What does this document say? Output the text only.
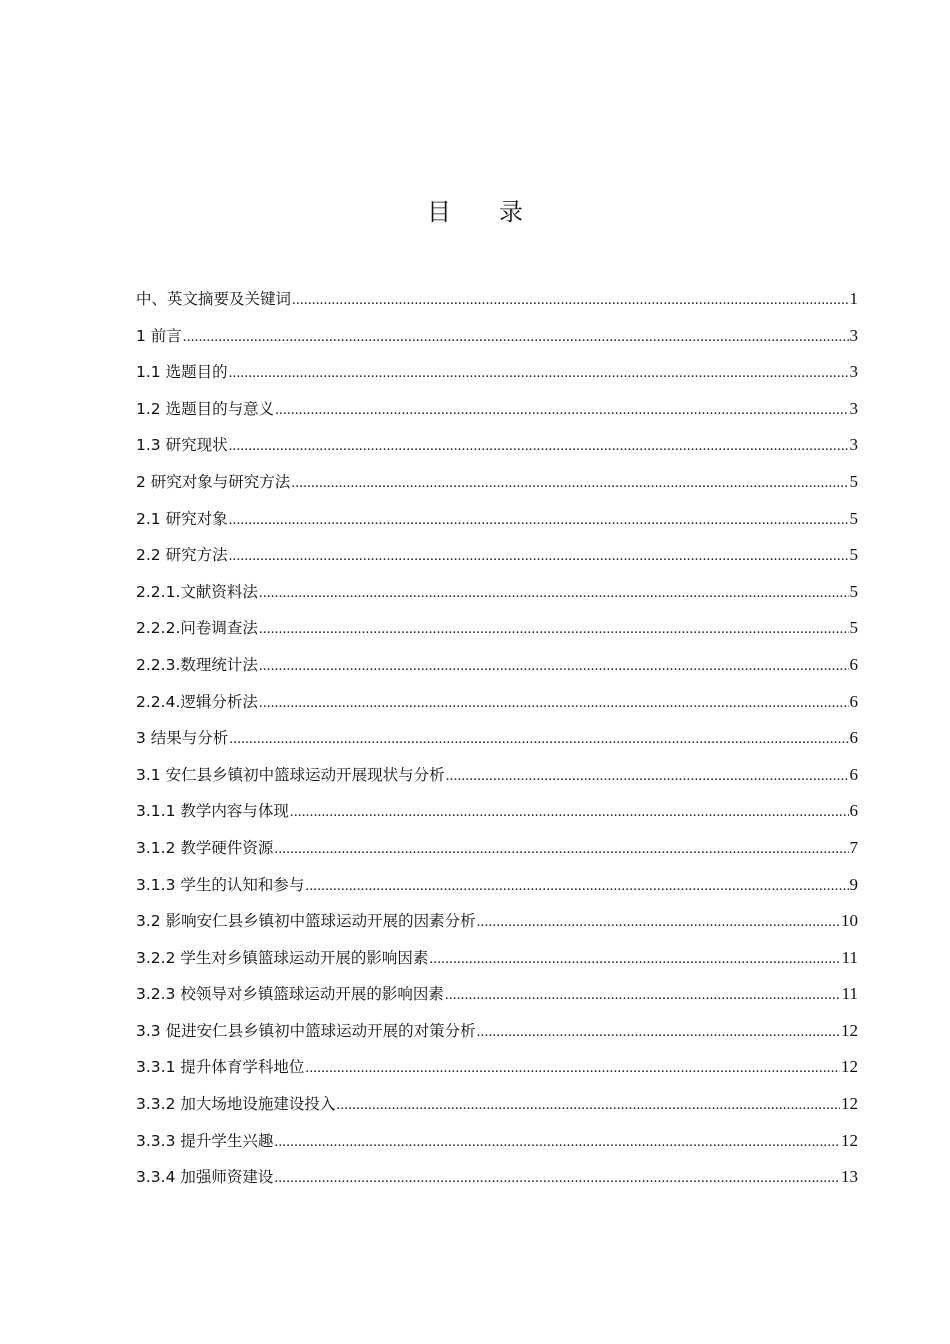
目 录
中、英文摘要及关键词 .....	1
1 前言 .....	3
1.1 选题目的 .....	3
1.2 选题目的与意义 .....	3
1.3 研究现状 .....	3
2 研究对象与研究方法 .....	5
2.1 研究对象 .....	5
2.2 研究方法 .....	5
2.2.1.文献资料法 .....	5
2.2.2.问卷调查法 .....	5
2.2.3.数理统计法 .....	6
2.2.4.逻辑分析法 .....	6
3 结果与分析 .....	6
3.1 安仁县乡镇初中篮球运动开展现状与分析 .....	6
3.1.1 教学内容与体现 .....	6
3.1.2 教学硬件资源 .....	7
3.1.3 学生的认知和参与 .....	9
3.2 影响安仁县乡镇初中篮球运动开展的因素分析 .....	10
3.2.2 学生对乡镇篮球运动开展的影响因素 .....	11
3.2.3 校领导对乡镇篮球运动开展的影响因素 .....	11
3.3 促进安仁县乡镇初中篮球运动开展的对策分析 .....	12
3.3.1 提升体育学科地位 .....	12
3.3.2 加大场地设施建设投入 .....	12
3.3.3 提升学生兴趣 .....	12
3.3.4 加强师资建设 .....	13
